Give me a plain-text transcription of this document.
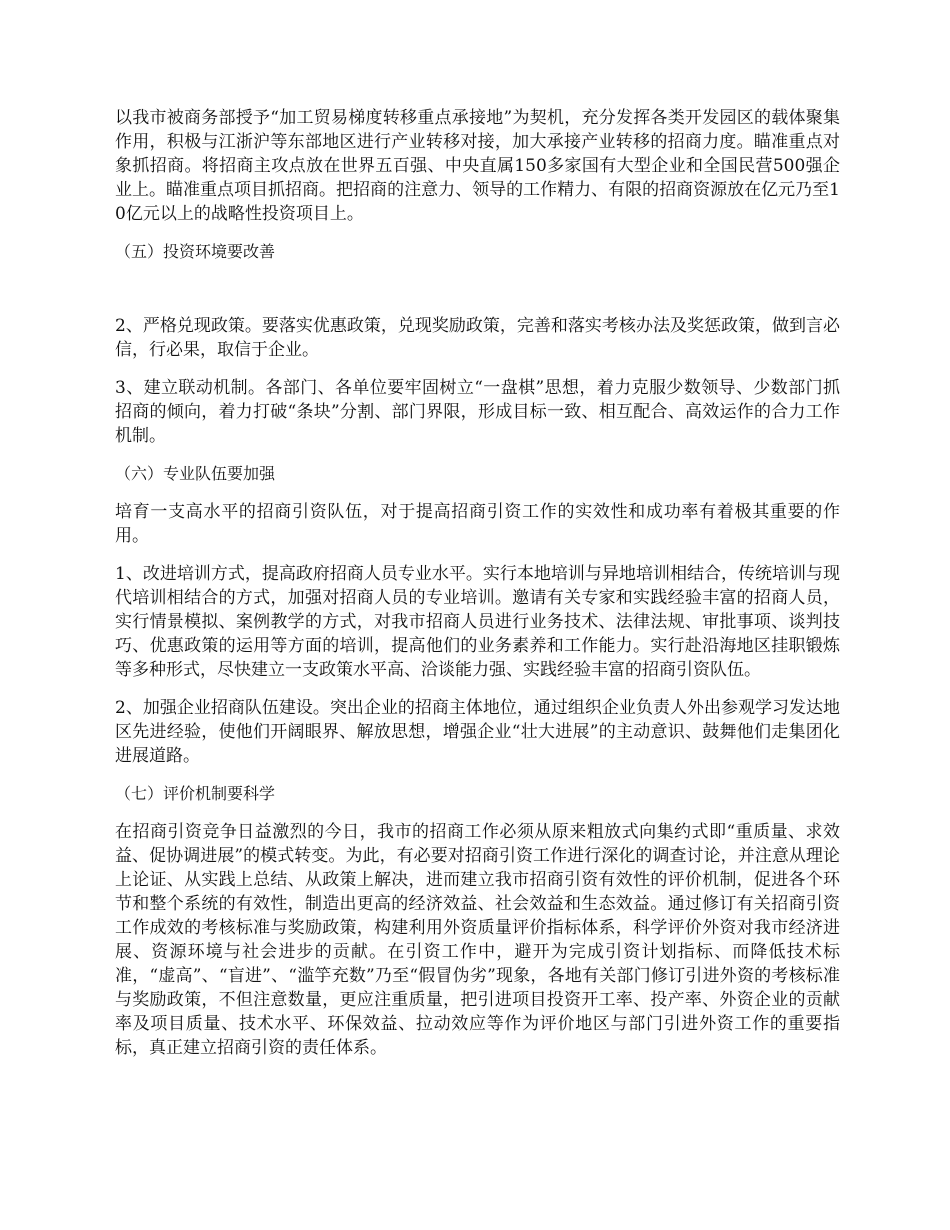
以我市被商务部授予“加工贸易梯度转移重点承接地”为契机，充分发挥各类开发园区的载体聚集作用，积极与江浙沪等东部地区进行产业转移对接，加大承接产业转移的招商力度。瞄准重点对象抓招商。将招商主攻点放在世界五百强、中央直属150多家国有大型企业和全国民营500强企业上。瞄准重点项目抓招商。把招商的注意力、领导的工作精力、有限的招商资源放在亿元乃至10亿元以上的战略性投资项目上。

（五）投资环境要改善

2、严格兑现政策。要落实优惠政策，兑现奖励政策，完善和落实考核办法及奖惩政策，做到言必信，行必果，取信于企业。

3、建立联动机制。各部门、各单位要牢固树立“一盘棋”思想，着力克服少数领导、少数部门抓招商的倾向，着力打破“条块”分割、部门界限，形成目标一致、相互配合、高效运作的合力工作机制。

（六）专业队伍要加强

培育一支高水平的招商引资队伍，对于提高招商引资工作的实效性和成功率有着极其重要的作用。

1、改进培训方式，提高政府招商人员专业水平。实行本地培训与异地培训相结合，传统培训与现代培训相结合的方式，加强对招商人员的专业培训。邀请有关专家和实践经验丰富的招商人员，实行情景模拟、案例教学的方式，对我市招商人员进行业务技术、法律法规、审批事项、谈判技巧、优惠政策的运用等方面的培训，提高他们的业务素养和工作能力。实行赴沿海地区挂职锻炼等多种形式，尽快建立一支政策水平高、洽谈能力强、实践经验丰富的招商引资队伍。

2、加强企业招商队伍建设。突出企业的招商主体地位，通过组织企业负责人外出参观学习发达地区先进经验，使他们开阔眼界、解放思想，增强企业“壮大进展”的主动意识、鼓舞他们走集团化进展道路。

（七）评价机制要科学

在招商引资竞争日益激烈的今日，我市的招商工作必须从原来粗放式向集约式即“重质量、求效益、促协调进展”的模式转变。为此，有必要对招商引资工作进行深化的调查讨论，并注意从理论上论证、从实践上总结、从政策上解决，进而建立我市招商引资有效性的评价机制，促进各个环节和整个系统的有效性，制造出更高的经济效益、社会效益和生态效益。通过修订有关招商引资工作成效的考核标准与奖励政策，构建利用外资质量评价指标体系，科学评价外资对我市经济进展、资源环境与社会进步的贡献。在引资工作中，避开为完成引资计划指标、而降低技术标准，“虚高”、“盲进”、“滥竽充数”乃至“假冒伪劣”现象，各地有关部门修订引进外资的考核标准与奖励政策，不但注意数量，更应注重质量，把引进项目投资开工率、投产率、外资企业的贡献率及项目质量、技术水平、环保效益、拉动效应等作为评价地区与部门引进外资工作的重要指标，真正建立招商引资的责任体系。
